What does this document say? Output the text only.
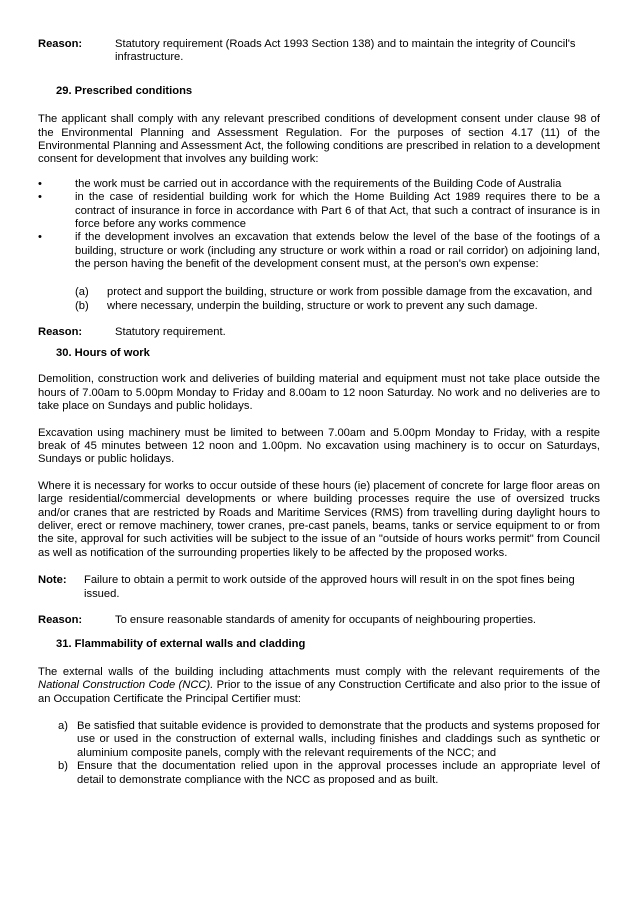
Reason:	Statutory requirement (Roads Act 1993 Section 138) and to maintain the integrity of Council's infrastructure.
29. Prescribed conditions
The applicant shall comply with any relevant prescribed conditions of development consent under clause 98 of the Environmental Planning and Assessment Regulation. For the purposes of section 4.17 (11) of the Environmental Planning and Assessment Act, the following conditions are prescribed in relation to a development consent for development that involves any building work:
•	the work must be carried out in accordance with the requirements of the Building Code of Australia
•	in the case of residential building work for which the Home Building Act 1989 requires there to be a contract of insurance in force in accordance with Part 6 of that Act, that such a contract of insurance is in force before any works commence
•	if the development involves an excavation that extends below the level of the base of the footings of a building, structure or work (including any structure or work within a road or rail corridor) on adjoining land, the person having the benefit of the development consent must, at the person's own expense:
(a) protect and support the building, structure or work from possible damage from the excavation, and
(b) where necessary, underpin the building, structure or work to prevent any such damage.
Reason:	Statutory requirement.
30. Hours of work
Demolition, construction work and deliveries of building material and equipment must not take place outside the hours of 7.00am to 5.00pm Monday to Friday and 8.00am to 12 noon Saturday. No work and no deliveries are to take place on Sundays and public holidays.
Excavation using machinery must be limited to between 7.00am and 5.00pm Monday to Friday, with a respite break of 45 minutes between 12 noon and 1.00pm. No excavation using machinery is to occur on Saturdays, Sundays or public holidays.
Where it is necessary for works to occur outside of these hours (ie) placement of concrete for large floor areas on large residential/commercial developments or where building processes require the use of oversized trucks and/or cranes that are restricted by Roads and Maritime Services (RMS) from travelling during daylight hours to deliver, erect or remove machinery, tower cranes, pre-cast panels, beams, tanks or service equipment to or from the site, approval for such activities will be subject to the issue of an "outside of hours works permit" from Council as well as notification of the surrounding properties likely to be affected by the proposed works.
Note: Failure to obtain a permit to work outside of the approved hours will result in on the spot fines being issued.
Reason:	To ensure reasonable standards of amenity for occupants of neighbouring properties.
31. Flammability of external walls and cladding
The external walls of the building including attachments must comply with the relevant requirements of the National Construction Code (NCC). Prior to the issue of any Construction Certificate and also prior to the issue of an Occupation Certificate the Principal Certifier must:
a) Be satisfied that suitable evidence is provided to demonstrate that the products and systems proposed for use or used in the construction of external walls, including finishes and claddings such as synthetic or aluminium composite panels, comply with the relevant requirements of the NCC; and
b) Ensure that the documentation relied upon in the approval processes include an appropriate level of detail to demonstrate compliance with the NCC as proposed and as built.
